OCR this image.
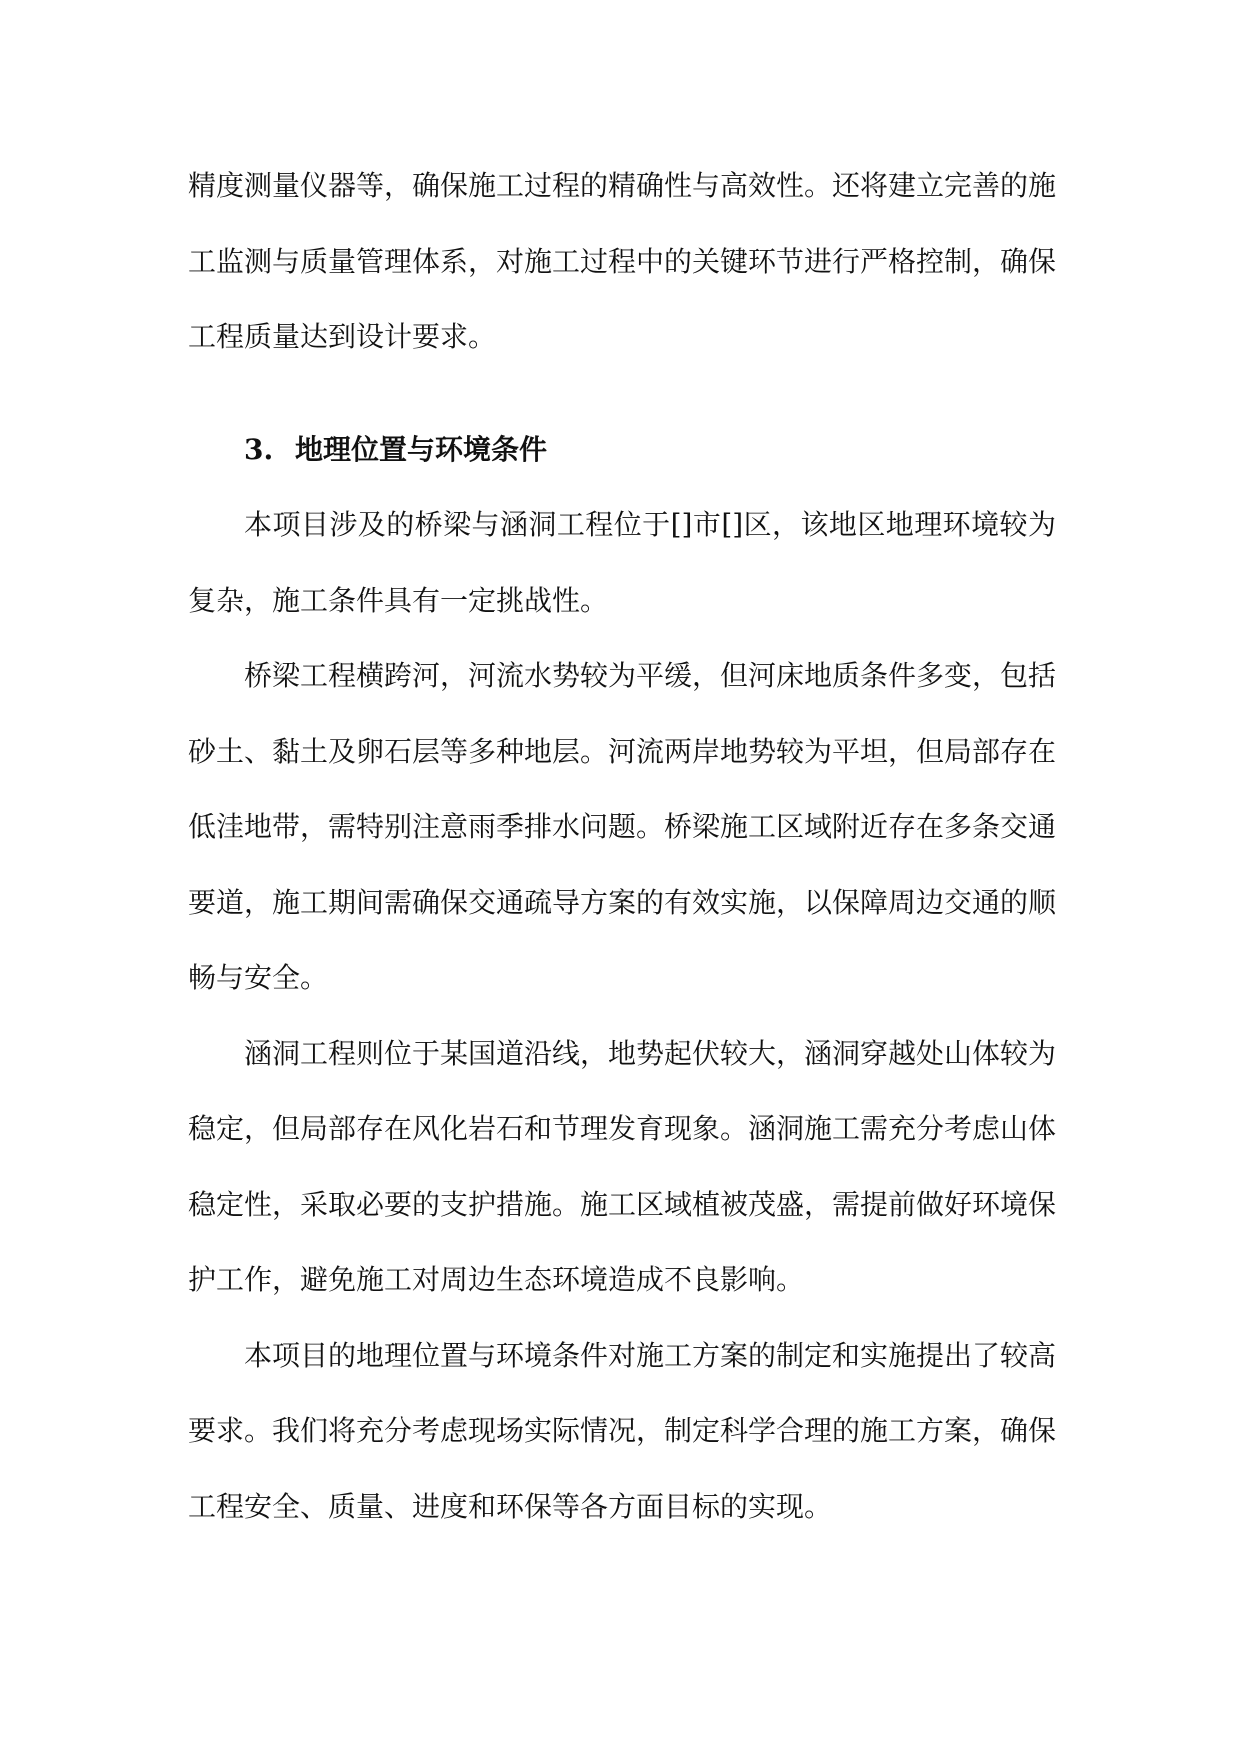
精度测量仪器等，确保施工过程的精确性与高效性。还将建立完善的施工监测与质量管理体系，对施工过程中的关键环节进行严格控制，确保工程质量达到设计要求。

3. 地理位置与环境条件

本项目涉及的桥梁与涵洞工程位于[]市[]区，该地区地理环境较为复杂，施工条件具有一定挑战性。

桥梁工程横跨河，河流水势较为平缓，但河床地质条件多变，包括砂土、黏土及卵石层等多种地层。河流两岸地势较为平坦，但局部存在低洼地带，需特别注意雨季排水问题。桥梁施工区域附近存在多条交通要道，施工期间需确保交通疏导方案的有效实施，以保障周边交通的顺畅与安全。

涵洞工程则位于某国道沿线，地势起伏较大，涵洞穿越处山体较为稳定，但局部存在风化岩石和节理发育现象。涵洞施工需充分考虑山体稳定性，采取必要的支护措施。施工区域植被茂盛，需提前做好环境保护工作，避免施工对周边生态环境造成不良影响。

本项目的地理位置与环境条件对施工方案的制定和实施提出了较高要求。我们将充分考虑现场实际情况，制定科学合理的施工方案，确保工程安全、质量、进度和环保等各方面目标的实现。
